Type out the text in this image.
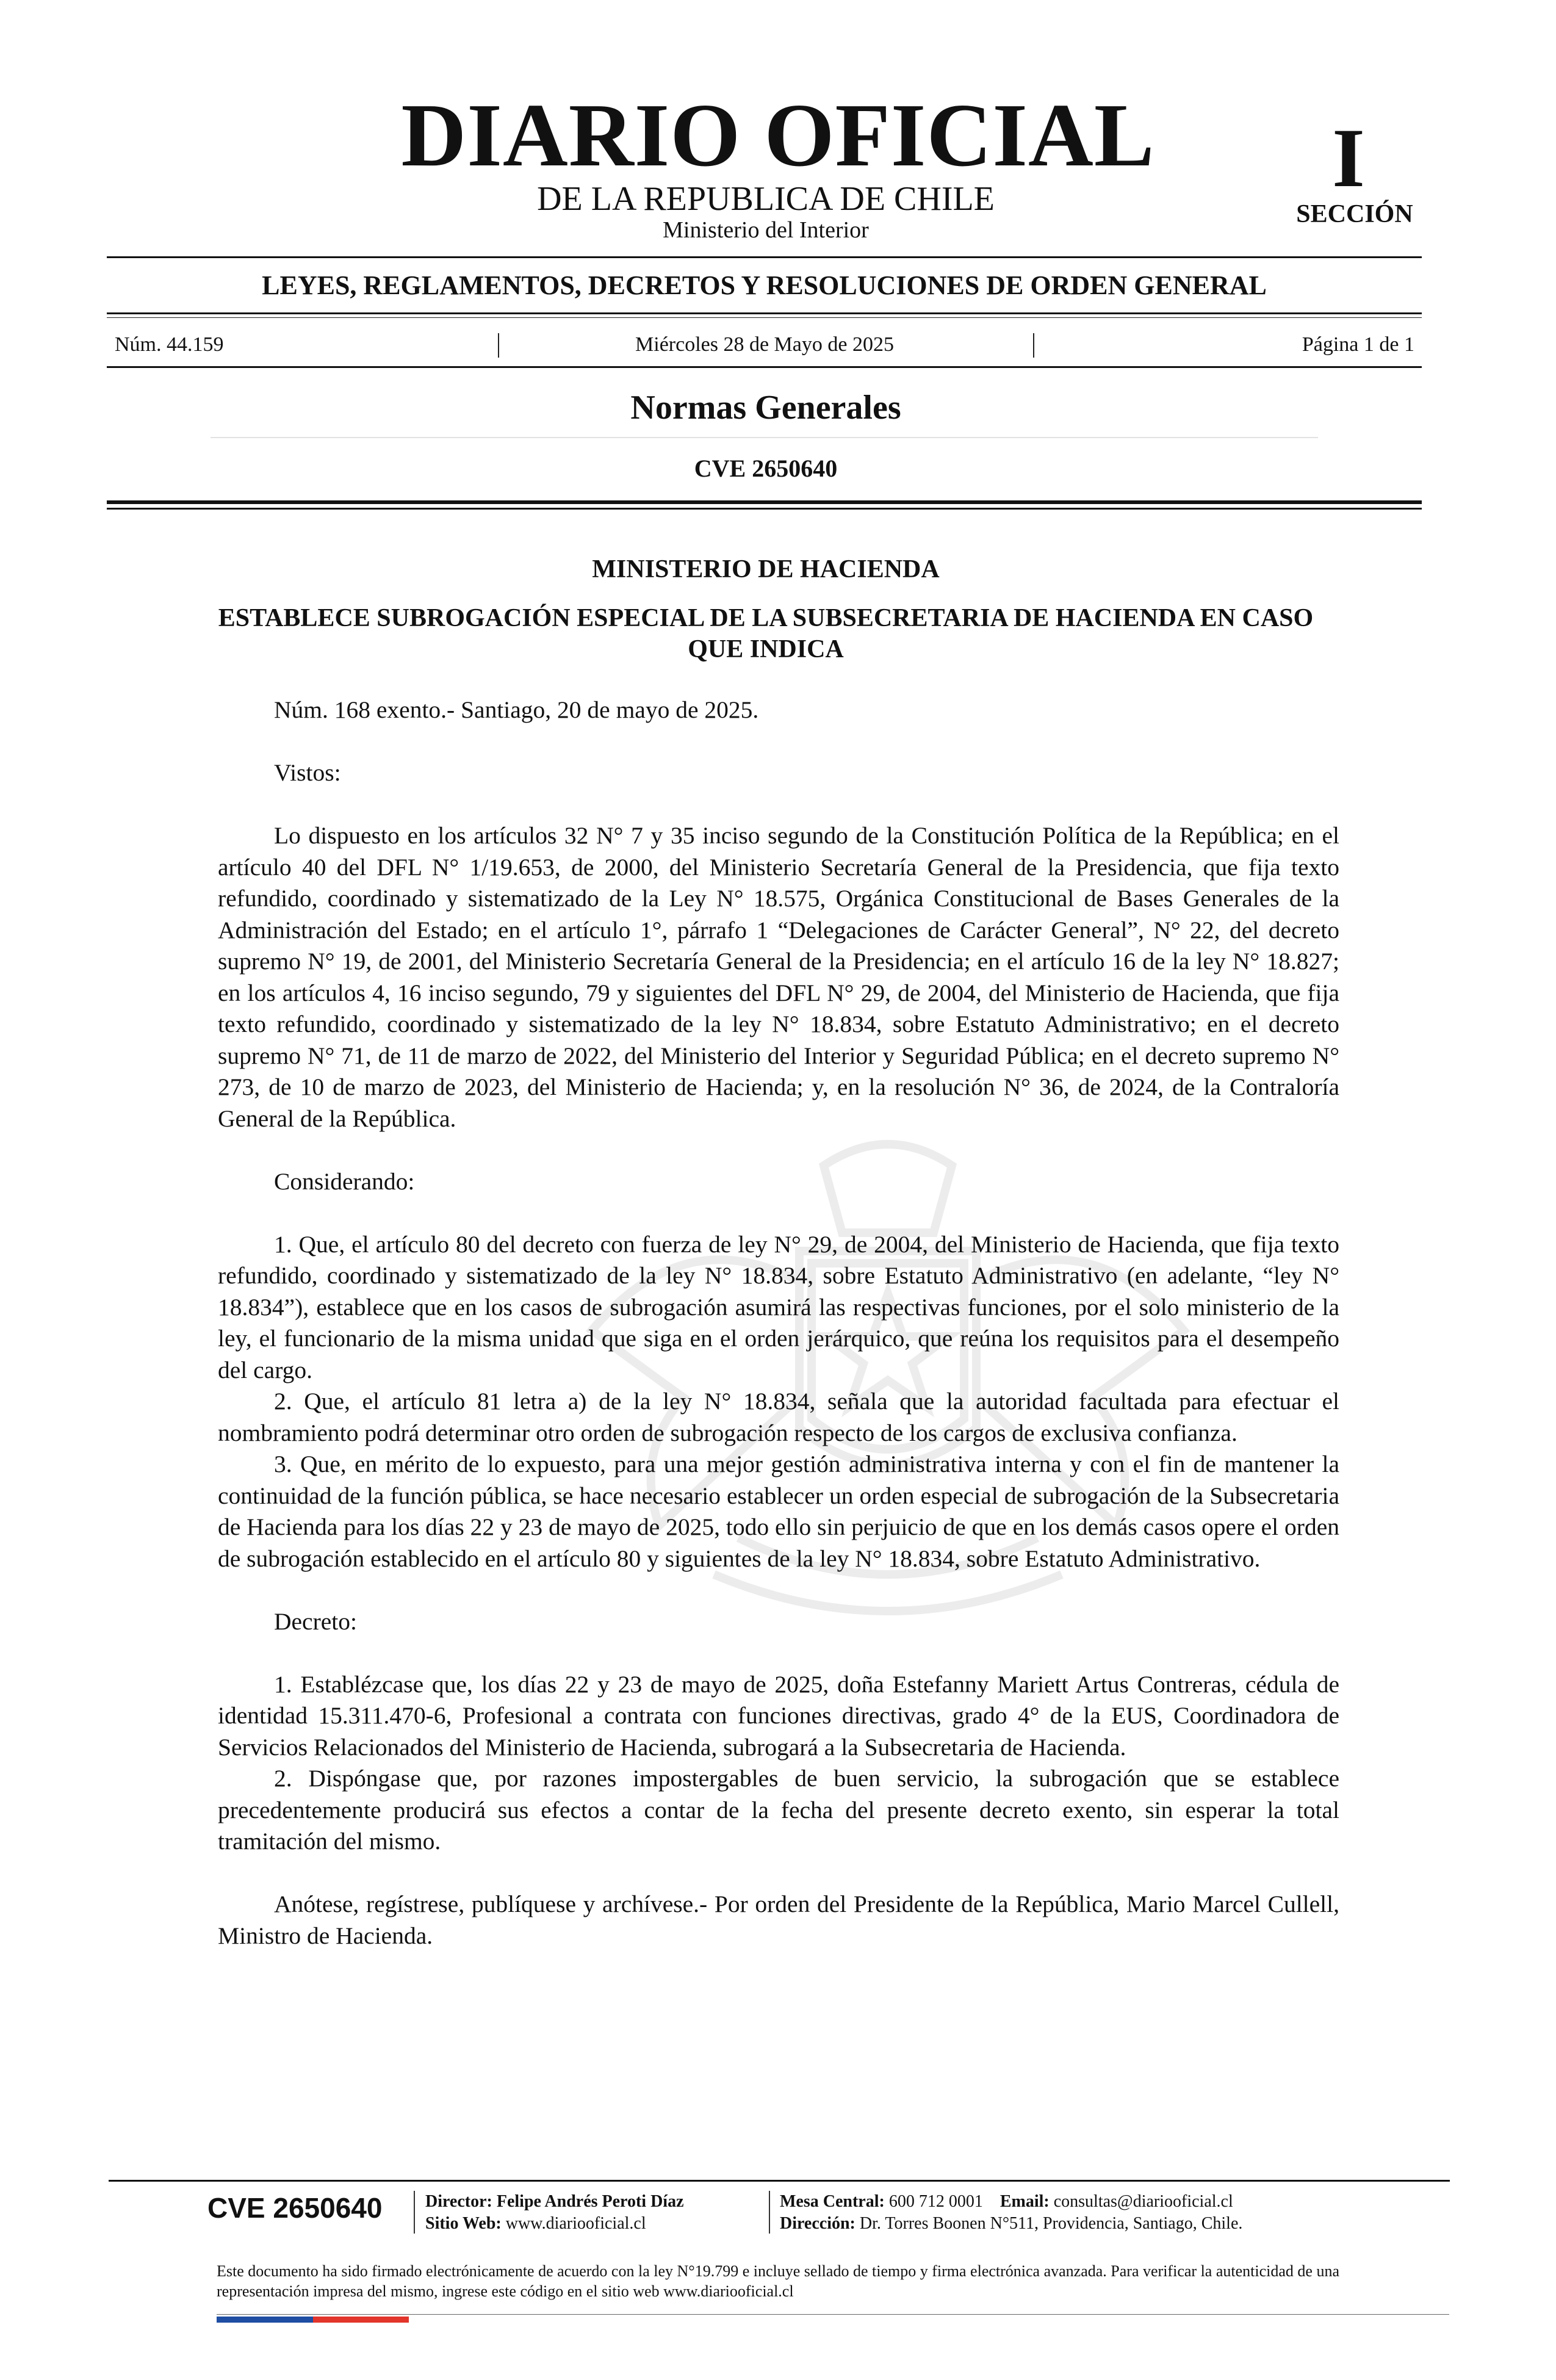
DIARIO OFICIAL
DE LA REPUBLICA DE CHILE
Ministerio del Interior
I
SECCIÓN
LEYES, REGLAMENTOS, DECRETOS Y RESOLUCIONES DE ORDEN GENERAL
Núm. 44.159	Miércoles 28 de Mayo de 2025	Página 1 de 1
Normas Generales
CVE 2650640
MINISTERIO DE HACIENDA
ESTABLECE SUBROGACIÓN ESPECIAL DE LA SUBSECRETARIA DE HACIENDA EN CASO QUE INDICA

Núm. 168 exento.- Santiago, 20 de mayo de 2025.

Vistos:

Lo dispuesto en los artículos 32 N° 7 y 35 inciso segundo de la Constitución Política de la República; en el artículo 40 del DFL N° 1/19.653, de 2000, del Ministerio Secretaría General de la Presidencia, que fija texto refundido, coordinado y sistematizado de la Ley N° 18.575, Orgánica Constitucional de Bases Generales de la Administración del Estado; en el artículo 1°, párrafo 1 “Delegaciones de Carácter General”, N° 22, del decreto supremo N° 19, de 2001, del Ministerio Secretaría General de la Presidencia; en el artículo 16 de la ley N° 18.827; en los artículos 4, 16 inciso segundo, 79 y siguientes del DFL N° 29, de 2004, del Ministerio de Hacienda, que fija texto refundido, coordinado y sistematizado de la ley N° 18.834, sobre Estatuto Administrativo; en el decreto supremo N° 71, de 11 de marzo de 2022, del Ministerio del Interior y Seguridad Pública; en el decreto supremo N° 273, de 10 de marzo de 2023, del Ministerio de Hacienda; y, en la resolución N° 36, de 2024, de la Contraloría General de la República.

Considerando:

1. Que, el artículo 80 del decreto con fuerza de ley N° 29, de 2004, del Ministerio de Hacienda, que fija texto refundido, coordinado y sistematizado de la ley N° 18.834, sobre Estatuto Administrativo (en adelante, “ley N° 18.834”), establece que en los casos de subrogación asumirá las respectivas funciones, por el solo ministerio de la ley, el funcionario de la misma unidad que siga en el orden jerárquico, que reúna los requisitos para el desempeño del cargo.

2. Que, el artículo 81 letra a) de la ley N° 18.834, señala que la autoridad facultada para efectuar el nombramiento podrá determinar otro orden de subrogación respecto de los cargos de exclusiva confianza.

3. Que, en mérito de lo expuesto, para una mejor gestión administrativa interna y con el fin de mantener la continuidad de la función pública, se hace necesario establecer un orden especial de subrogación de la Subsecretaria de Hacienda para los días 22 y 23 de mayo de 2025, todo ello sin perjuicio de que en los demás casos opere el orden de subrogación establecido en el artículo 80 y siguientes de la ley N° 18.834, sobre Estatuto Administrativo.

Decreto:

1. Establézcase que, los días 22 y 23 de mayo de 2025, doña Estefanny Mariett Artus Contreras, cédula de identidad 15.311.470-6, Profesional a contrata con funciones directivas, grado 4° de la EUS, Coordinadora de Servicios Relacionados del Ministerio de Hacienda, subrogará a la Subsecretaria de Hacienda.

2. Dispóngase que, por razones impostergables de buen servicio, la subrogación que se establece precedentemente producirá sus efectos a contar de la fecha del presente decreto exento, sin esperar la total tramitación del mismo.

Anótese, regístrese, publíquese y archívese.- Por orden del Presidente de la República, Mario Marcel Cullell, Ministro de Hacienda.

CVE 2650640	Director: Felipe Andrés Peroti Díaz
Sitio Web: www.diariooficial.cl
Mesa Central: 600 712 0001 Email: consultas@diariooficial.cl
Dirección: Dr. Torres Boonen N°511, Providencia, Santiago, Chile.
Este documento ha sido firmado electrónicamente de acuerdo con la ley N°19.799 e incluye sellado de tiempo y firma electrónica avanzada. Para verificar la autenticidad de una representación impresa del mismo, ingrese este código en el sitio web www.diariooficial.cl
